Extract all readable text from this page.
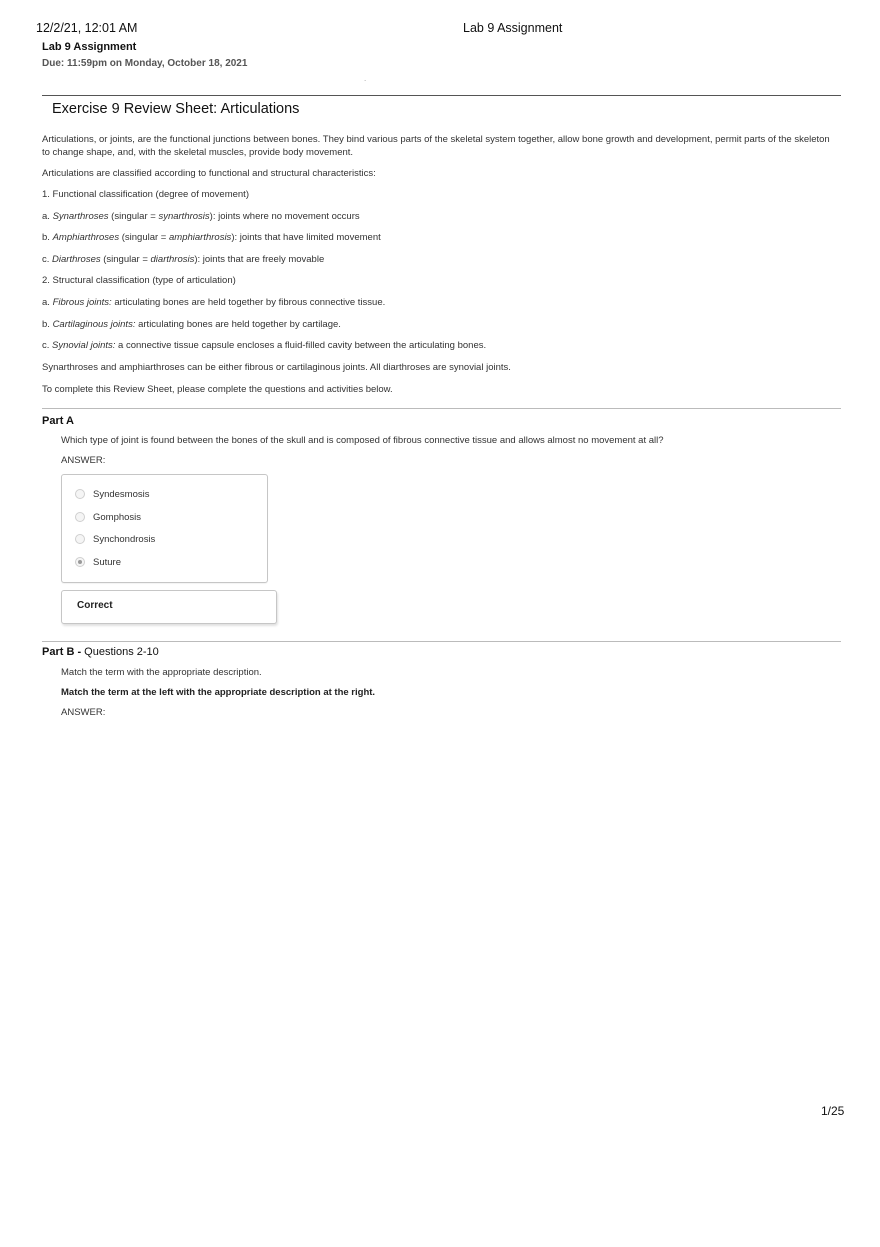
12/2/21, 12:01 AM	Lab 9 Assignment
Lab 9 Assignment
Due: 11:59pm on Monday, October 18, 2021
.
Exercise 9 Review Sheet: Articulations
Articulations, or joints, are the functional junctions between bones. They bind various parts of the skeletal system together, allow bone growth and development, permit parts of the skeleton to change shape, and, with the skeletal muscles, provide body movement.
Articulations are classified according to functional and structural characteristics:
1. Functional classification (degree of movement)
a. Synarthroses (singular = synarthrosis): joints where no movement occurs
b. Amphiarthroses (singular = amphiarthrosis): joints that have limited movement
c. Diarthroses (singular = diarthrosis): joints that are freely movable
2. Structural classification (type of articulation)
a. Fibrous joints: articulating bones are held together by fibrous connective tissue.
b. Cartilaginous joints: articulating bones are held together by cartilage.
c. Synovial joints: a connective tissue capsule encloses a fluid-filled cavity between the articulating bones.
Synarthroses and amphiarthroses can be either fibrous or cartilaginous joints. All diarthroses are synovial joints.
To complete this Review Sheet, please complete the questions and activities below.
Part A
Which type of joint is found between the bones of the skull and is composed of fibrous connective tissue and allows almost no movement at all?
ANSWER:
Syndesmosis
Gomphosis
Synchondrosis
Suture
Correct
Part B - Questions 2-10
Match the term with the appropriate description.
Match the term at the left with the appropriate description at the right.
ANSWER:
1/25
